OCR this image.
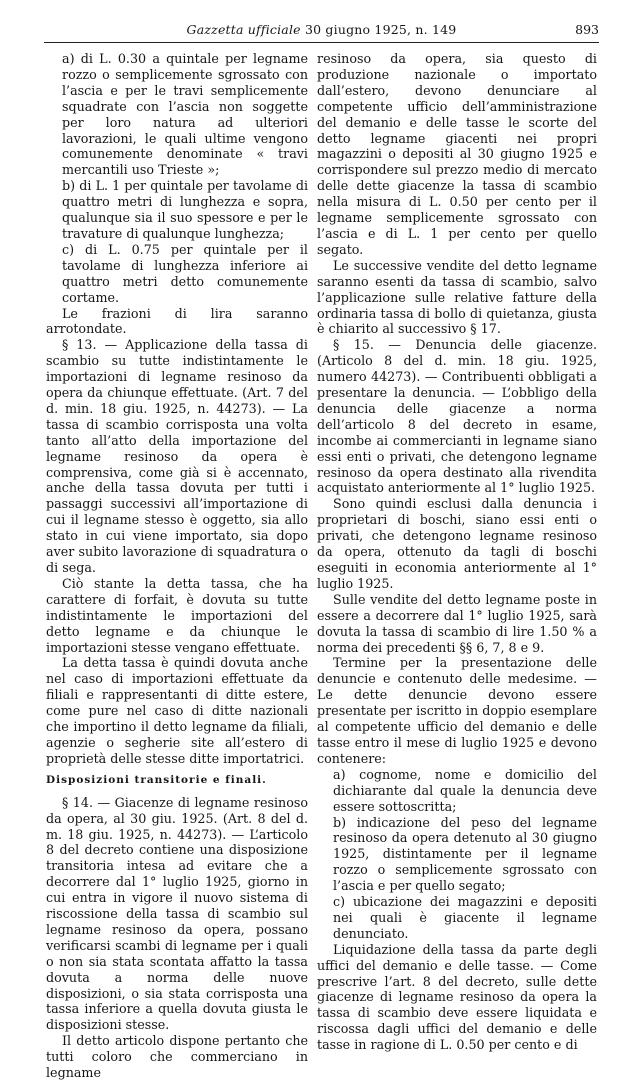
Gazzetta ufficiale 30 giugno 1925, n. 149	893

a) di L. 0.30 a quintale per legname rozzo o semplicemente sgrossato con l’ascia e per le travi semplicemente squadrate con l’ascia non soggette per loro natura ad ulteriori lavorazioni, le quali ultime vengono comunemente denominate « travi mercantili uso Trieste »;

b) di L. 1 per quintale per tavolame di quattro metri di lunghezza e sopra, qualunque sia il suo spessore e per le travature di qualunque lunghezza;

c) di L. 0.75 per quintale per il tavolame di lunghezza inferiore ai quattro metri detto comunemente cortame.

Le frazioni di lira saranno arrotondate.

§ 13. — Applicazione della tassa di scambio su tutte indistintamente le importazioni di legname resinoso da opera da chiunque effettuate. (Art. 7 del d. min. 18 giu. 1925, n. 44273). — La tassa di scambio corrisposta una volta tanto all’atto della importazione del legname resinoso da opera è comprensiva, come già si è accennato, anche della tassa dovuta per tutti i passaggi successivi all’importazione di cui il legname stesso è oggetto, sia allo stato in cui viene importato, sia dopo aver subito lavorazione di squadratura o di sega.

Ciò stante la detta tassa, che ha carattere di forfait, è dovuta su tutte indistintamente le importazioni del detto legname e da chiunque le importazioni stesse vengano effettuate.

La detta tassa è quindi dovuta anche nel caso di importazioni effettuate da filiali e rappresentanti di ditte estere, come pure nel caso di ditte nazionali che importino il detto legname da filiali, agenzie o segherie site all’estero di proprietà delle stesse ditte importatrici.

Disposizioni transitorie e finali.

§ 14. — Giacenze di legname resinoso da opera, al 30 giu. 1925. (Art. 8 del d. m. 18 giu. 1925, n. 44273). — L’articolo 8 del decreto contiene una disposizione transitoria intesa ad evitare che a decorrere dal 1° luglio 1925, giorno in cui entra in vigore il nuovo sistema di riscossione della tassa di scambio sul legname resinoso da opera, possano verificarsi scambi di legname per i quali o non sia stata scontata affatto la tassa dovuta a norma delle nuove disposizioni, o sia stata corrisposta una tassa inferiore a quella dovuta giusta le disposizioni stesse.

Il detto articolo dispone pertanto che tutti coloro che commerciano in legname

resinoso da opera, sia questo di produzione nazionale o importato dall’estero, devono denunciare al competente ufficio dell’amministrazione del demanio e delle tasse le scorte del detto legname giacenti nei propri magazzini o depositi al 30 giugno 1925 e corrispondere sul prezzo medio di mercato delle dette giacenze la tassa di scambio nella misura di L. 0.50 per cento per il legname semplicemente sgrossato con l’ascia e di L. 1 per cento per quello segato.

Le successive vendite del detto legname saranno esenti da tassa di scambio, salvo l’applicazione sulle relative fatture della ordinaria tassa di bollo di quietanza, giusta è chiarito al successivo § 17.

§ 15. — Denuncia delle giacenze. (Articolo 8 del d. min. 18 giu. 1925, numero 44273). — Contribuenti obbligati a presentare la denuncia. — L’obbligo della denuncia delle giacenze a norma dell’articolo 8 del decreto in esame, incombe ai commercianti in legname siano essi enti o privati, che detengono legname resinoso da opera destinato alla rivendita acquistato anteriormente al 1° luglio 1925.

Sono quindi esclusi dalla denuncia i proprietari di boschi, siano essi enti o privati, che detengono legname resinoso da opera, ottenuto da tagli di boschi eseguiti in economia anteriormente al 1° luglio 1925.

Sulle vendite del detto legname poste in essere a decorrere dal 1° luglio 1925, sarà dovuta la tassa di scambio di lire 1.50 % a norma dei precedenti §§ 6, 7, 8 e 9.

Termine per la presentazione delle denuncie e contenuto delle medesime. — Le dette denuncie devono essere presentate per iscritto in doppio esemplare al competente ufficio del demanio e delle tasse entro il mese di luglio 1925 e devono contenere:

a) cognome, nome e domicilio del dichiarante dal quale la denuncia deve essere sottoscritta;

b) indicazione del peso del legname resinoso da opera detenuto al 30 giugno 1925, distintamente per il legname rozzo o semplicemente sgrossato con l’ascia e per quello segato;

c) ubicazione dei magazzini e depositi nei quali è giacente il legname denunciato.

Liquidazione della tassa da parte degli uffici del demanio e delle tasse. — Come prescrive l’art. 8 del decreto, sulle dette giacenze di legname resinoso da opera la tassa di scambio deve essere liquidata e riscossa dagli uffici del demanio e delle tasse in ragione di L. 0.50 per cento e di
